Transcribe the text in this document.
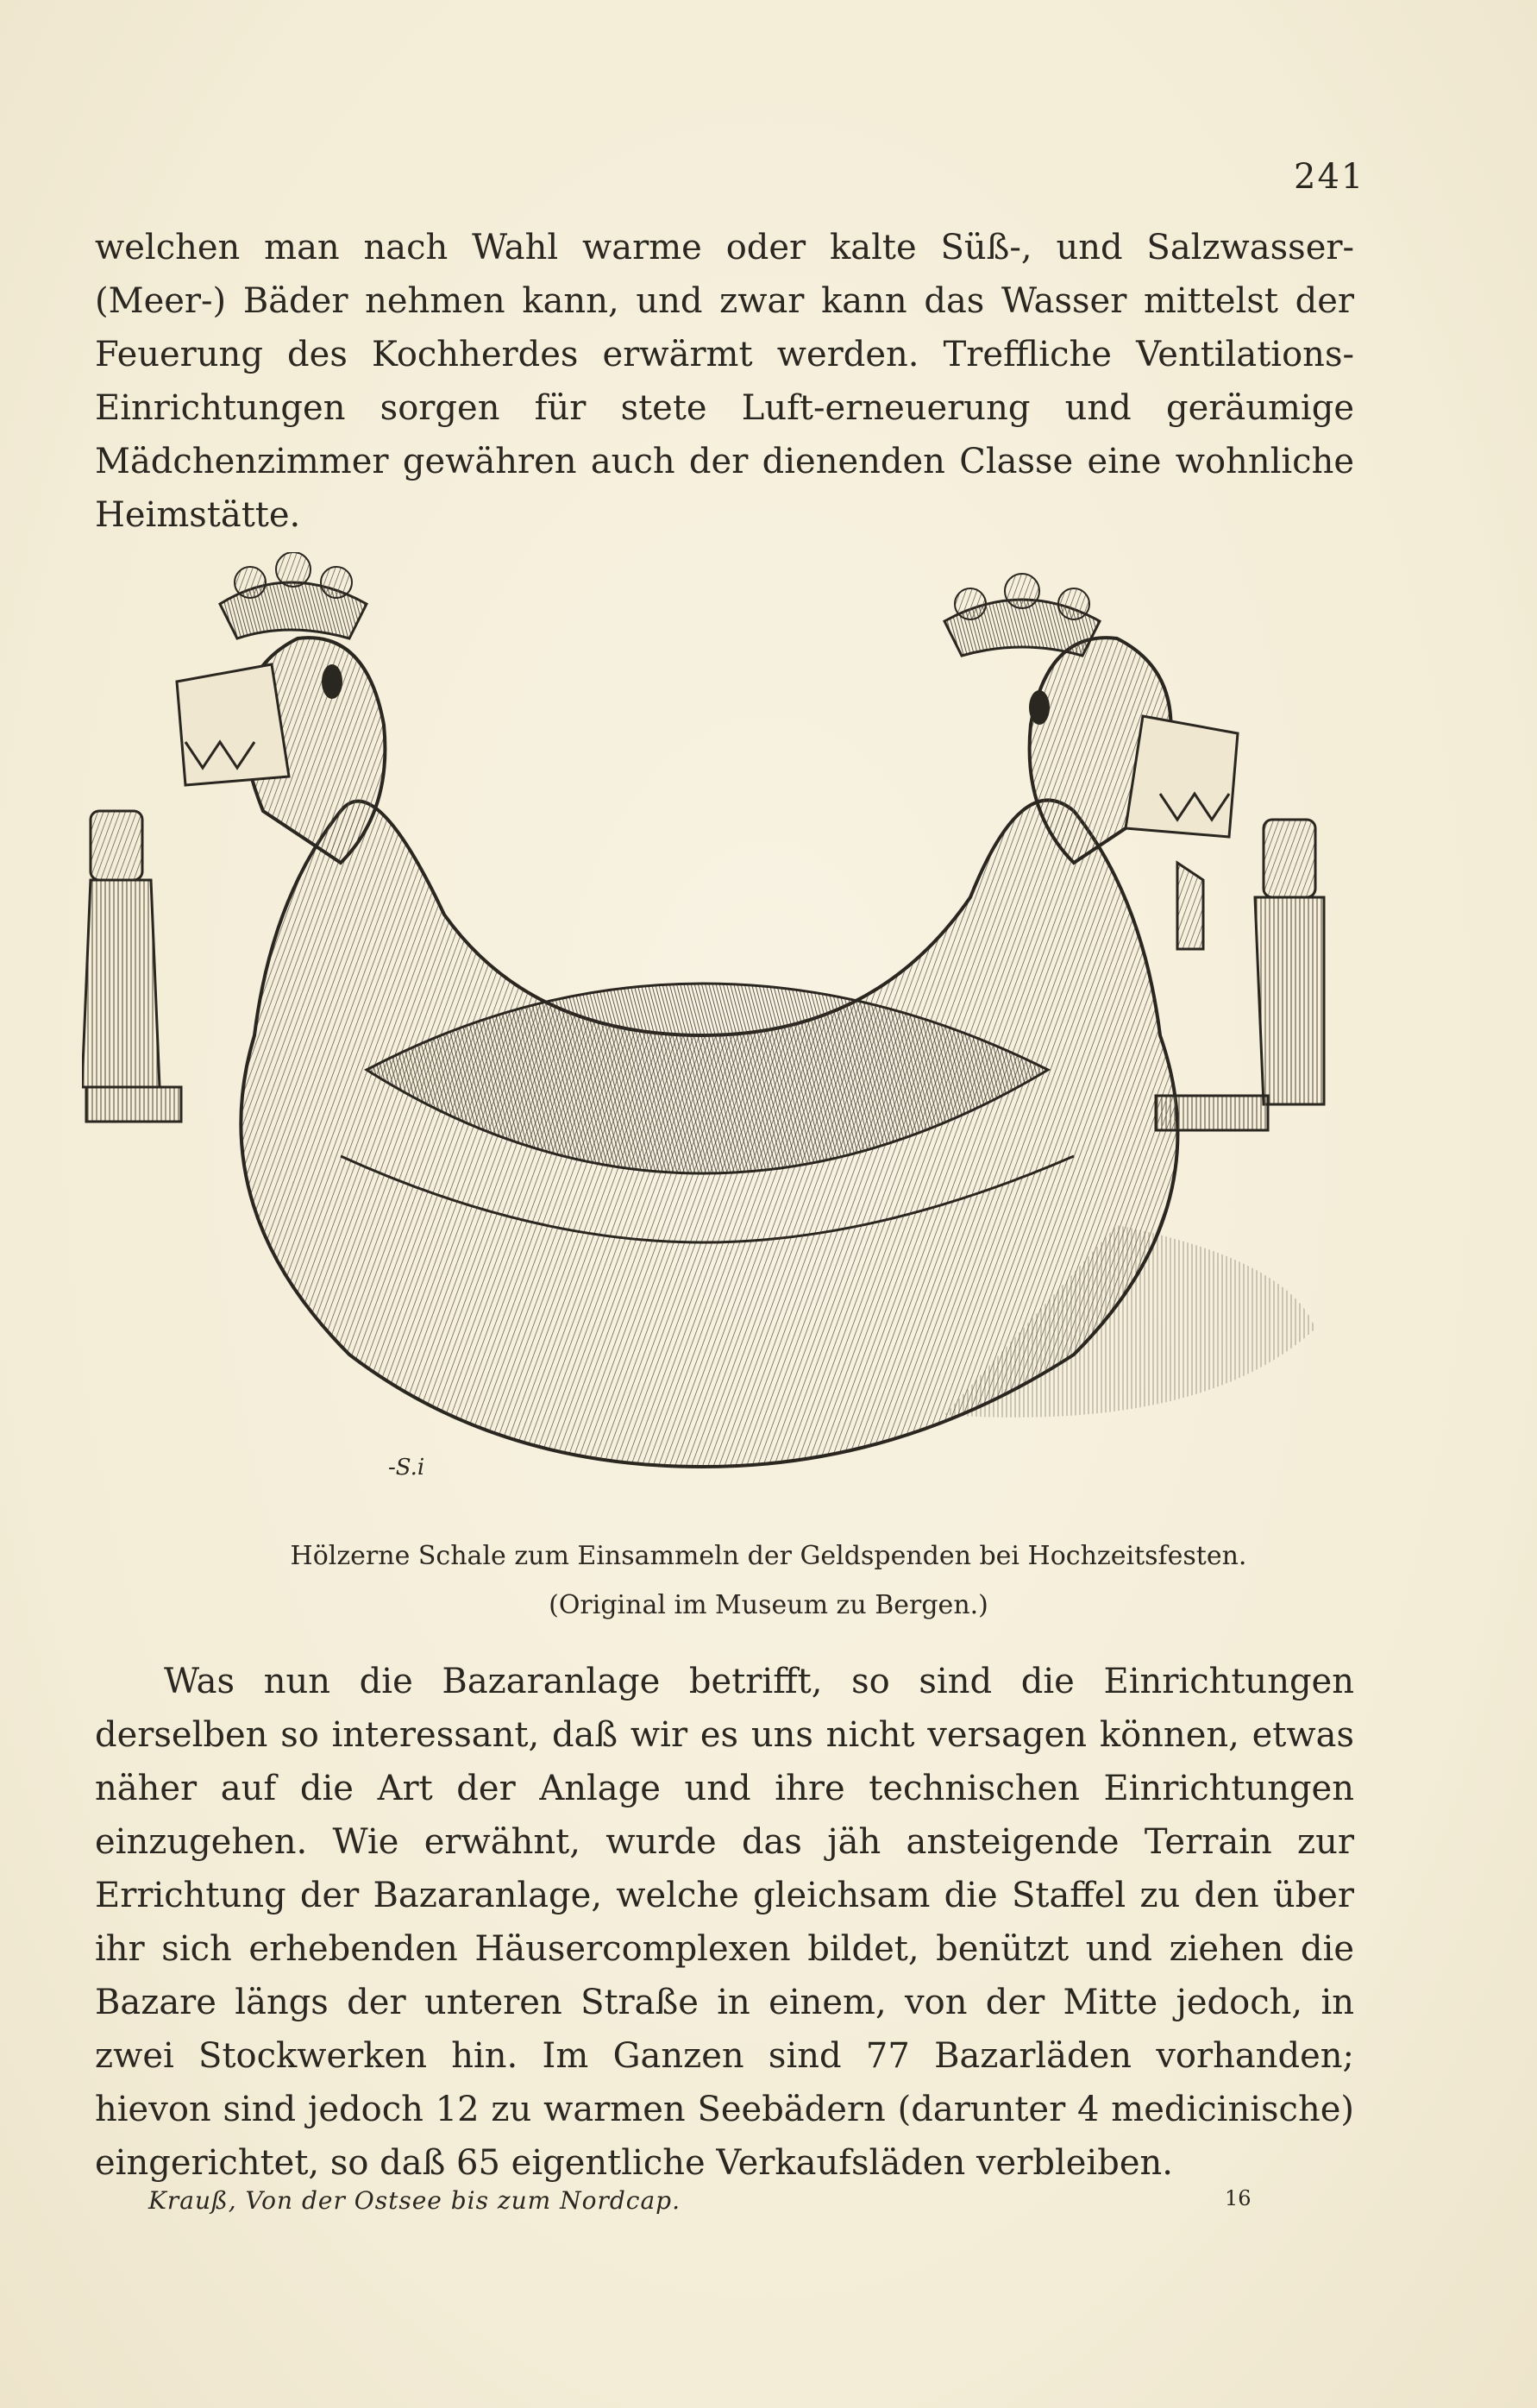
241
welchen man nach Wahl warme oder kalte Süß-, und Salzwasser- (Meer-) Bäder nehmen kann, und zwar kann das Wasser mittelst der Feuerung des Kochherdes erwärmt werden. Treffliche Ventilations-Einrichtungen sorgen für stete Luft-erneuerung und geräumige Mädchenzimmer gewähren auch der dienenden Classe eine wohnliche Heimstätte.
-S.i
Hölzerne Schale zum Einsammeln der Geldspenden bei Hochzeitsfesten.
(Original im Museum zu Bergen.)
Was nun die Bazaranlage betrifft, so sind die Einrichtungen derselben so interessant, daß wir es uns nicht versagen können, etwas näher auf die Art der Anlage und ihre technischen Einrichtungen einzugehen. Wie erwähnt, wurde das jäh ansteigende Terrain zur Errichtung der Bazaranlage, welche gleichsam die Staffel zu den über ihr sich erhebenden Häusercomplexen bildet, benützt und ziehen die Bazare längs der unteren Straße in einem, von der Mitte jedoch, in zwei Stockwerken hin. Im Ganzen sind 77 Bazarläden vorhanden; hievon sind jedoch 12 zu warmen Seebädern (darunter 4 medicinische) eingerichtet, so daß 65 eigentliche Verkaufsläden verbleiben.
Krauß, Von der Ostsee bis zum Nordcap.	16
